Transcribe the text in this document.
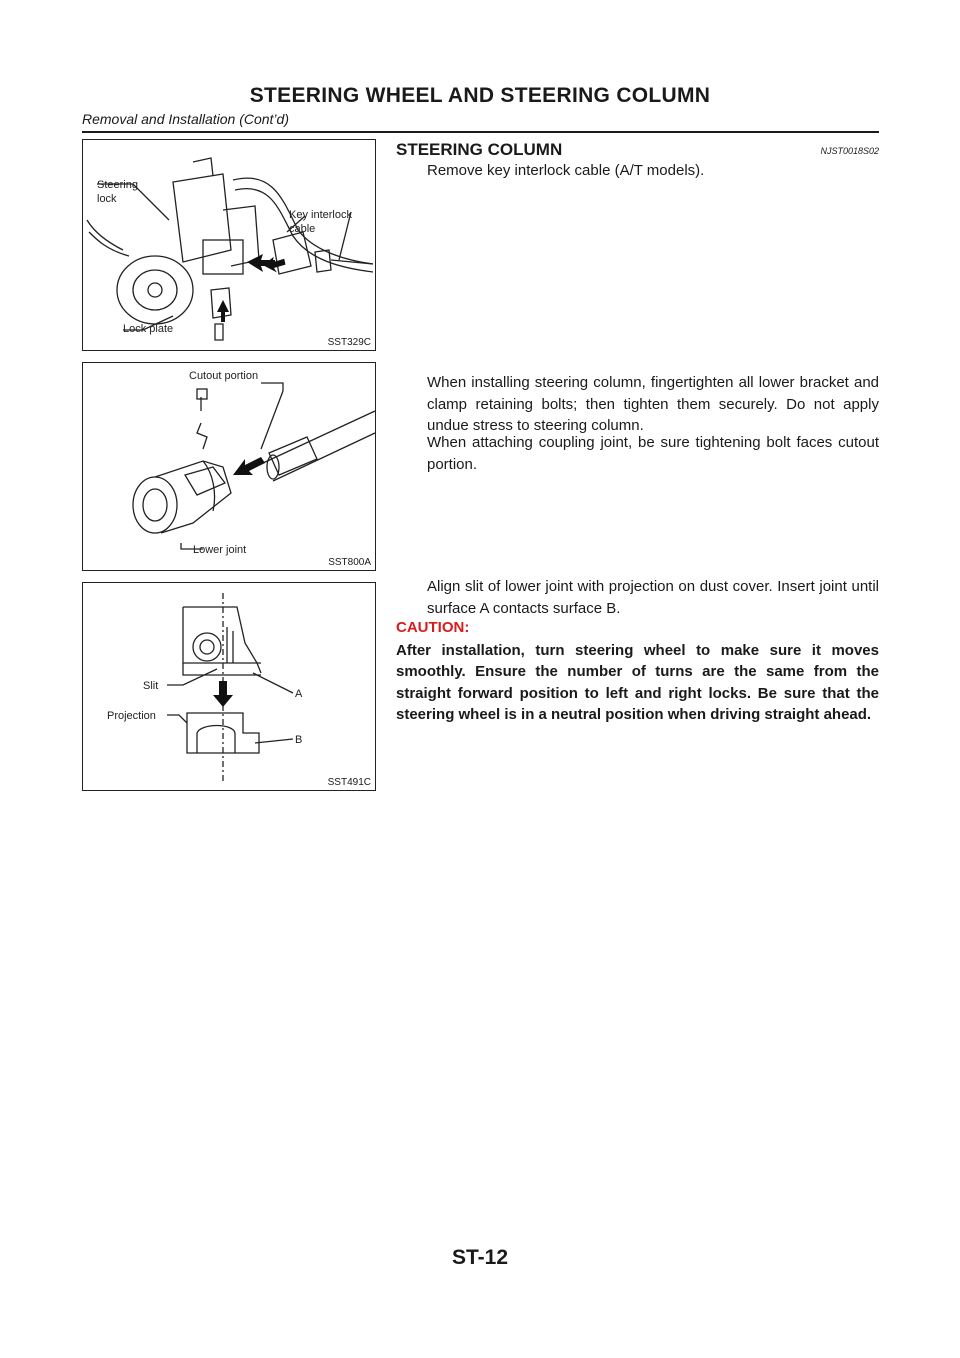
STEERING WHEEL AND STEERING COLUMN
Removal and Installation (Cont’d)
Steering
lock
Key interlock
cable
Lock plate
SST329C
Cutout portion
Lower joint
SST800A
Slit
A
Projection
B
SST491C
STEERING COLUMN	NJST0018S02

Remove key interlock cable (A/T models).

When installing steering column, fingertighten all lower bracket and clamp retaining bolts; then tighten them securely. Do not apply undue stress to steering column.

When attaching coupling joint, be sure tightening bolt faces cutout portion.

Align slit of lower joint with projection on dust cover. Insert joint until surface A contacts surface B.

CAUTION:

After installation, turn steering wheel to make sure it moves smoothly. Ensure the number of turns are the same from the straight forward position to left and right locks. Be sure that the steering wheel is in a neutral position when driving straight ahead.

ST-12
